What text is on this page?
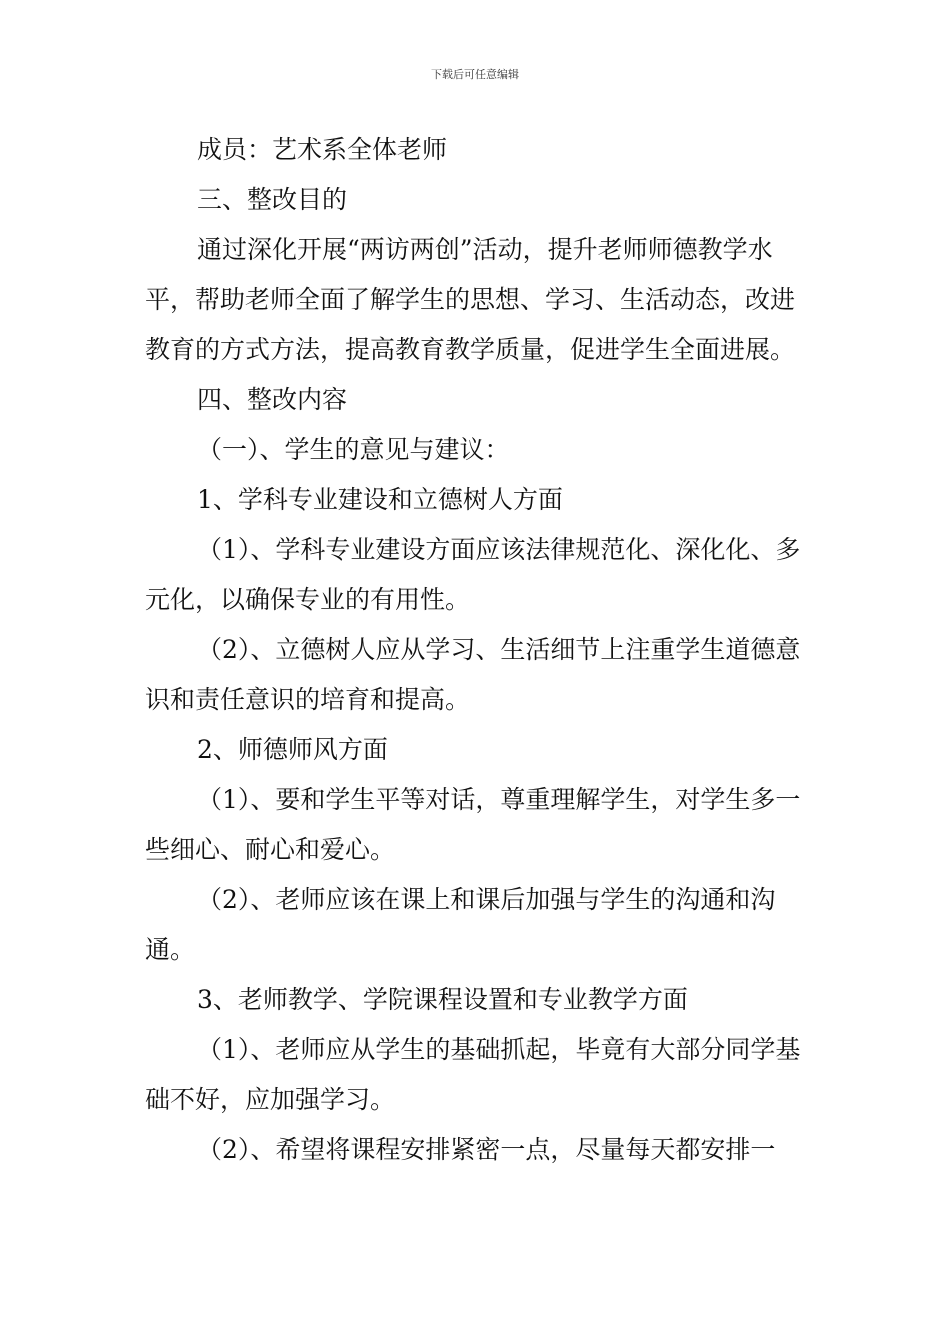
下载后可任意编辑

成员：艺术系全体老师

三、整改目的

通过深化开展“两访两创”活动，提升老师师德教学水平，帮助老师全面了解学生的思想、学习、生活动态，改进教育的方式方法，提高教育教学质量，促进学生全面进展。

四、整改内容

（一）、学生的意见与建议：

1、学科专业建设和立德树人方面

（1）、学科专业建设方面应该法律规范化、深化化、多元化，以确保专业的有用性。

（2）、立德树人应从学习、生活细节上注重学生道德意识和责任意识的培育和提高。

2、师德师风方面

（1）、要和学生平等对话，尊重理解学生，对学生多一些细心、耐心和爱心。

（2）、老师应该在课上和课后加强与学生的沟通和沟通。

3、老师教学、学院课程设置和专业教学方面

（1）、老师应从学生的基础抓起，毕竟有大部分同学基础不好，应加强学习。

（2）、希望将课程安排紧密一点，尽量每天都安排一
